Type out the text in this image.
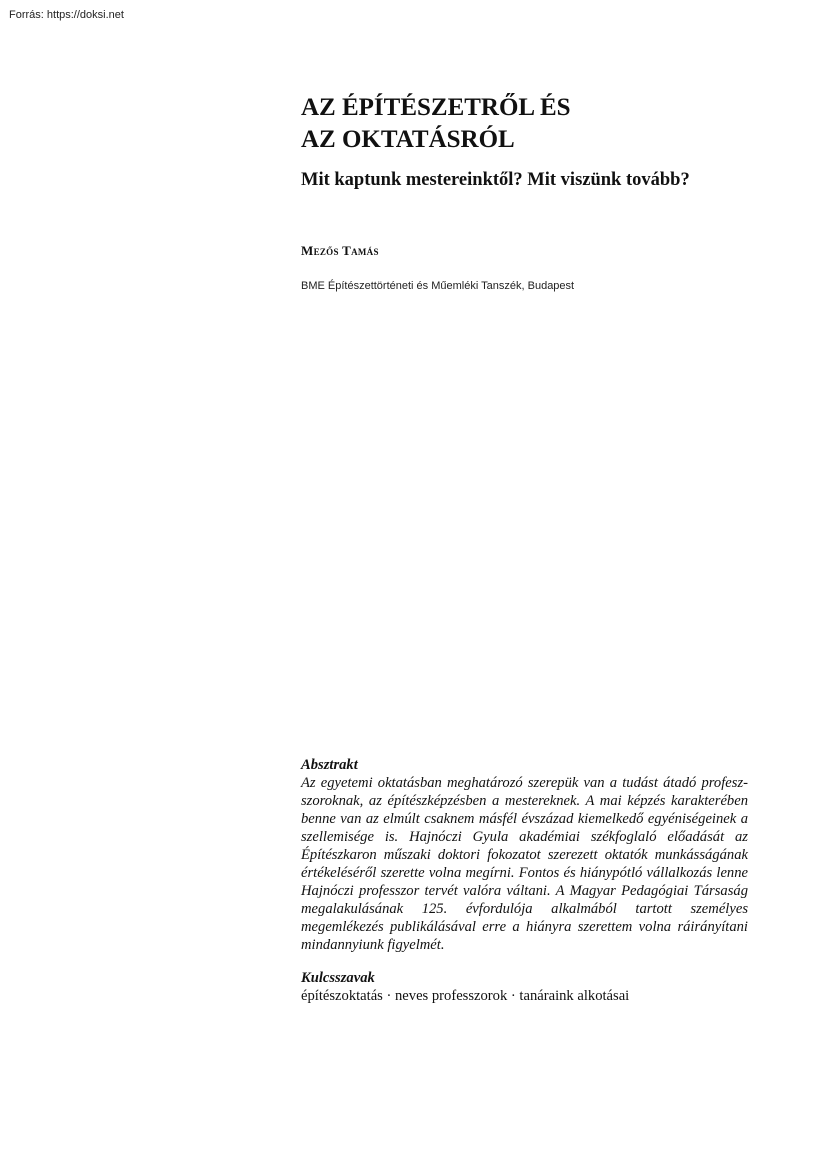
Forrás: https://doksi.net
AZ ÉPÍTÉSZETRŐL ÉS
AZ OKTATÁSRÓL
Mit kaptunk mestereinktől? Mit viszünk tovább?
Mezős Tamás
BME Építészettörténeti és Műemléki Tanszék, Budapest
Absztrakt
Az egyetemi oktatásban meghatározó szerepük van a tudást átadó profeszszoroknak, az építészképzésben a mestereknek. A mai képzés karakterében benne van az elmúlt csaknem másfél évszázad kiemelkedő egyéniségeinek a szellemisége is. Hajnóczi Gyula akadémiai székfoglaló előadását az Építészkaron műszaki doktori fokozatot szerezett oktatók munkásságának értékeléséről szerette volna megírni. Fontos és hiánypótló vállalkozás lenne Hajnóczi professzor tervét valóra váltani. A Magyar Pedagógiai Társaság megalakulásának 125. évfordulója alkalmából tartott személyes megemlékezés publikálásával erre a hiányra szerettem volna ráirányítani mindannyiunk figyelmét.
Kulcsszavak
építészoktatás · neves professzorok · tanáraink alkotásai
